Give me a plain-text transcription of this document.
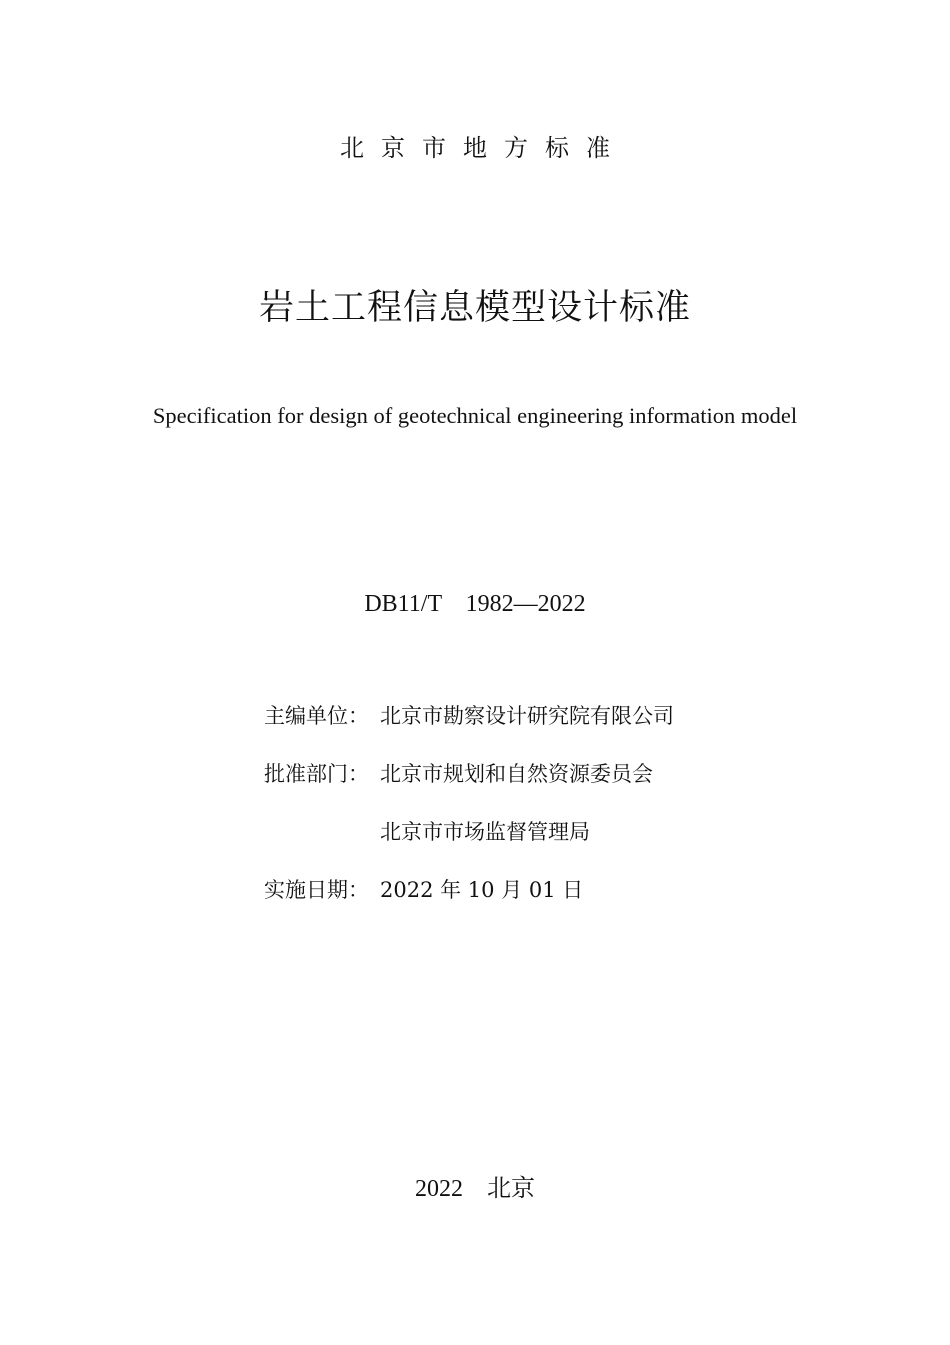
北京市地方标准
岩土工程信息模型设计标准
Specification for design of geotechnical engineering information model
DB11/T    1982—2022
主编单位： 北京市勘察设计研究院有限公司
批准部门： 北京市规划和自然资源委员会
北京市市场监督管理局
实施日期： 2022 年 10 月 01 日
2022    北京
